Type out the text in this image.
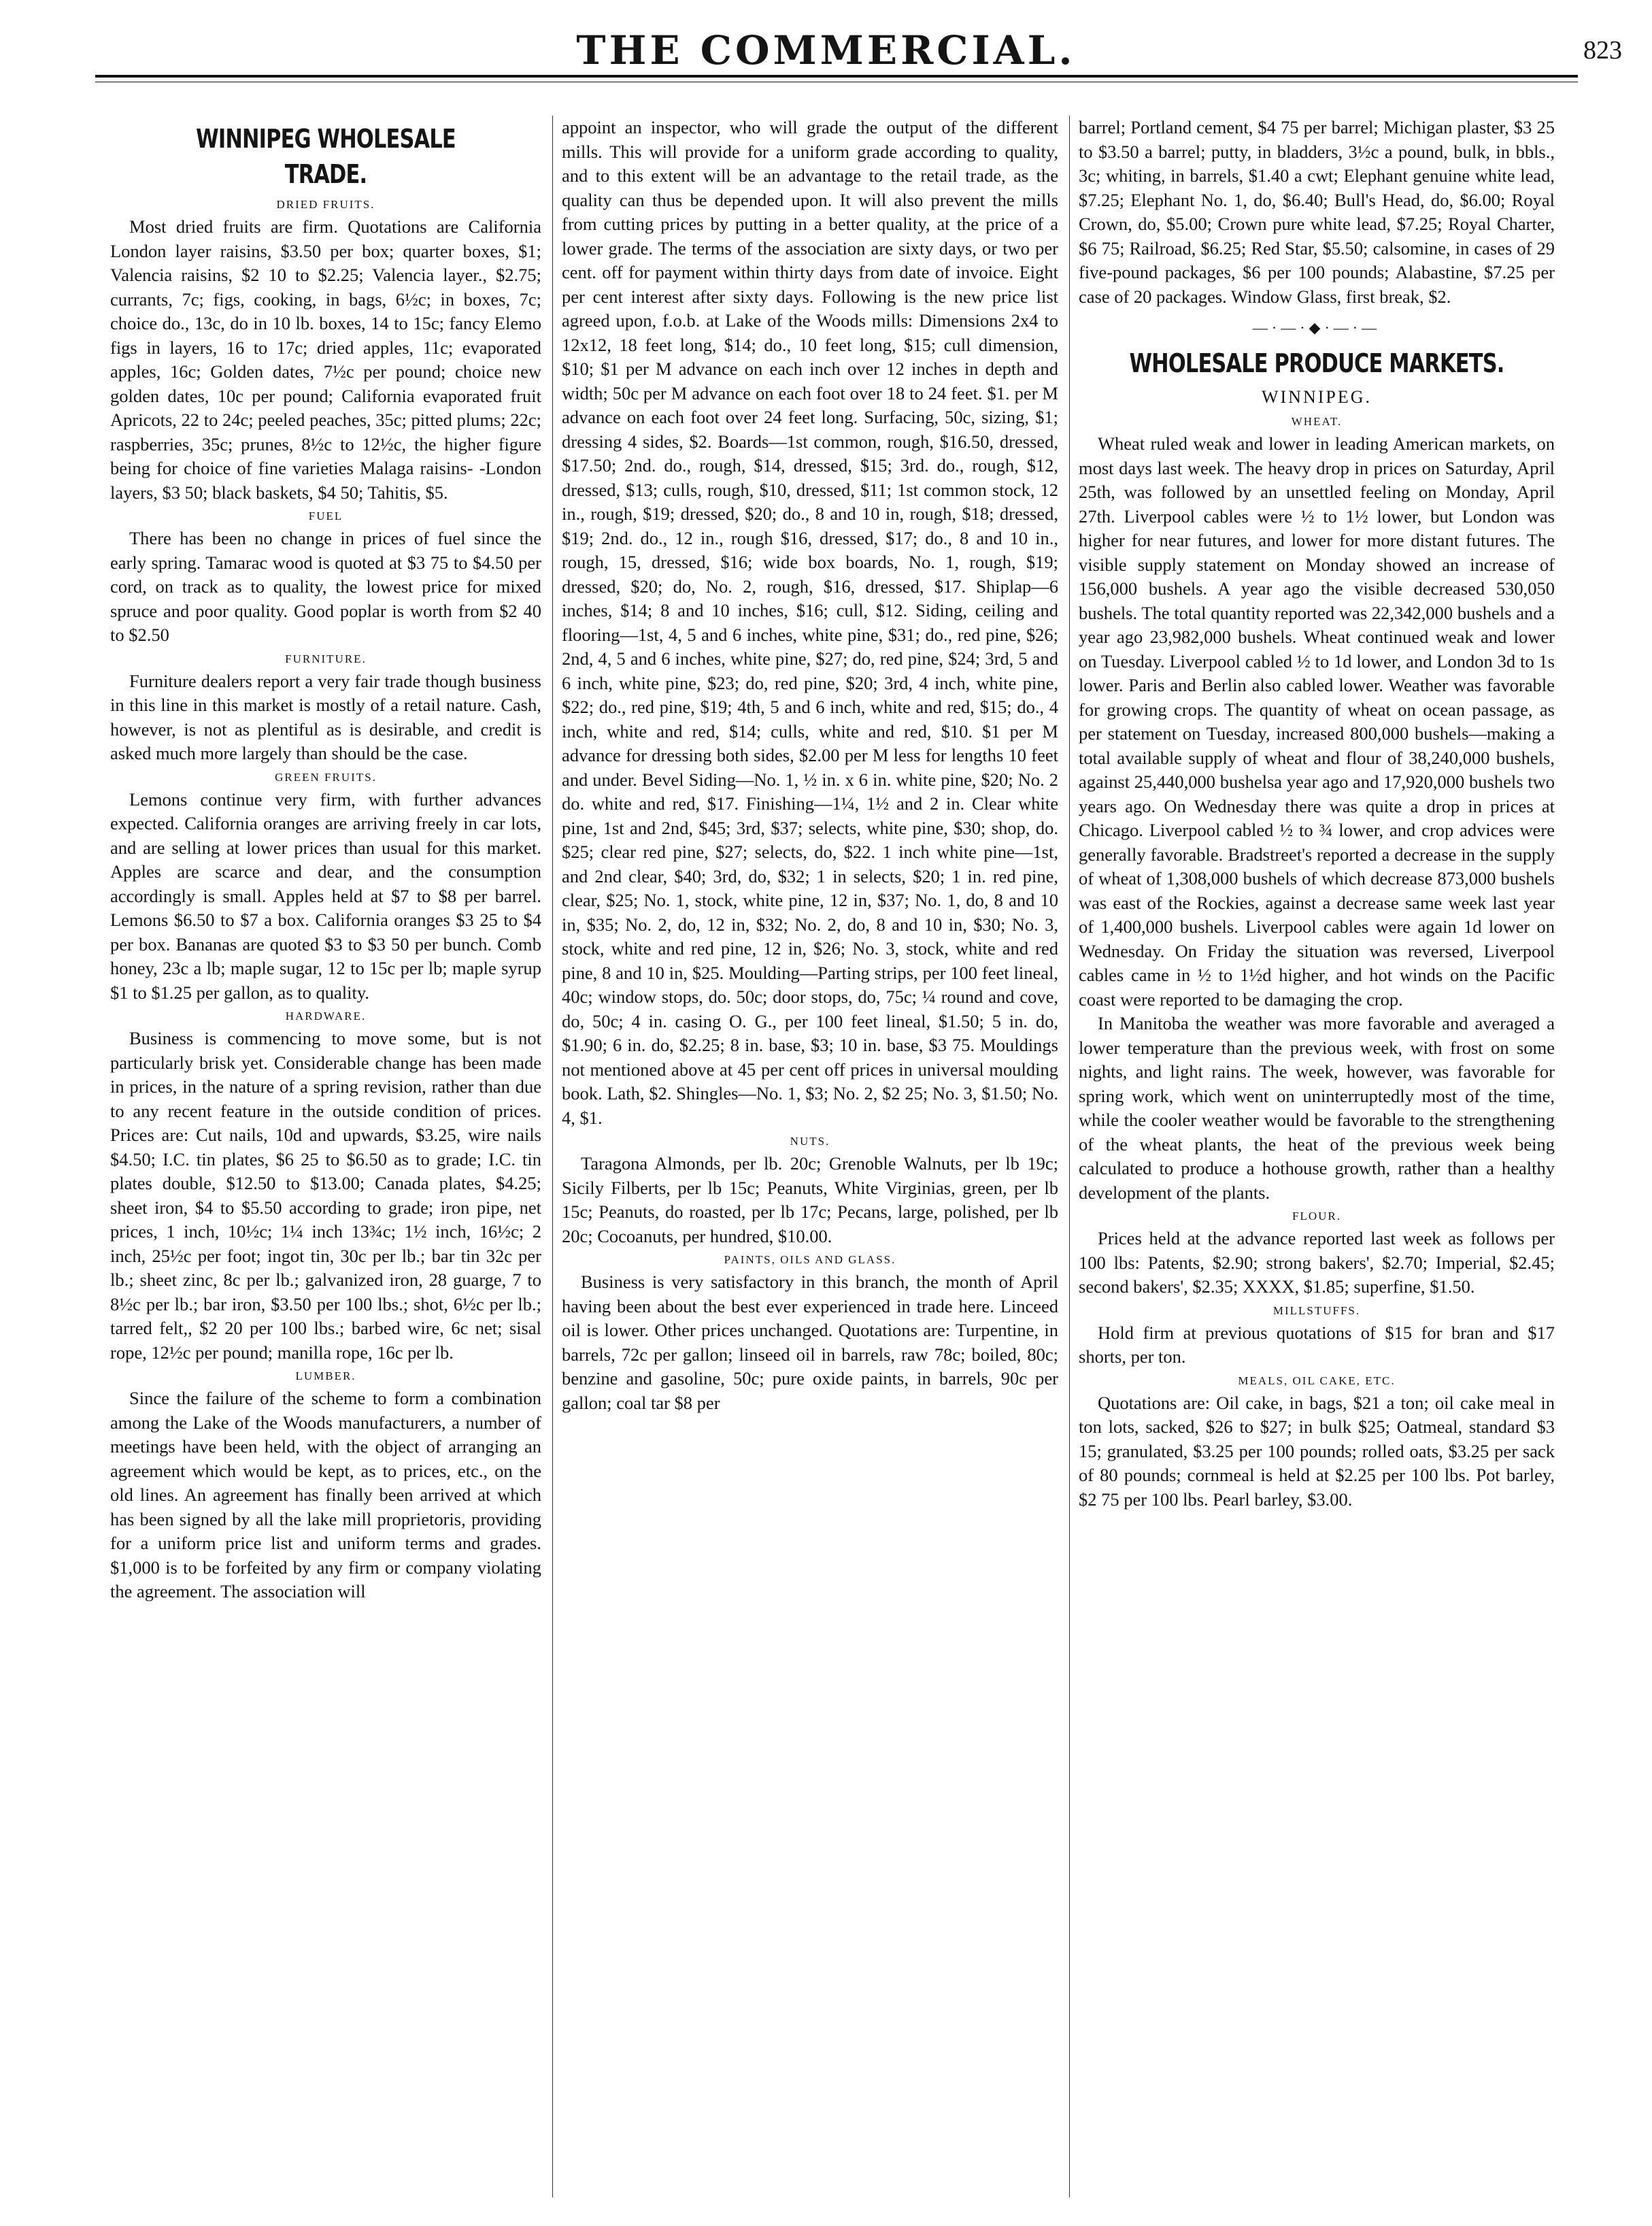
THE COMMERCIAL.	823
WINNIPEG WHOLESALE TRADE.
DRIED FRUITS.

Most dried fruits are firm. Quotations are California London layer raisins, $3.50 per box; quarter boxes, $1; Valencia raisins, $2 10 to $2.25; Valencia layer., $2.75; currants, 7c; figs, cooking, in bags, 6½c; in boxes, 7c; choice do., 13c, do in 10 lb. boxes, 14 to 15c; fancy Elemo figs in layers, 16 to 17c; dried apples, 11c; evaporated apples, 16c; Golden dates, 7½c per pound; choice new golden dates, 10c per pound; California evaporated fruit Apricots, 22 to 24c; peeled peaches, 35c; pitted plums; 22c; raspberries, 35c; prunes, 8½c to 12½c, the higher figure being for choice of fine varieties Malaga raisins- -London layers, $3 50; black baskets, $4 50; Tahitis, $5.

FUEL

There has been no change in prices of fuel since the early spring. Tamarac wood is quoted at $3 75 to $4.50 per cord, on track as to quality, the lowest price for mixed spruce and poor quality. Good poplar is worth from $2 40 to $2.50

FURNITURE.

Furniture dealers report a very fair trade though business in this line in this market is mostly of a retail nature. Cash, however, is not as plentiful as is desirable, and credit is asked much more largely than should be the case.

GREEN FRUITS.

Lemons continue very firm, with further advances expected. California oranges are arriving freely in car lots, and are selling at lower prices than usual for this market. Apples are scarce and dear, and the consumption accordingly is small. Apples held at $7 to $8 per barrel. Lemons $6.50 to $7 a box. California oranges $3 25 to $4 per box. Bananas are quoted $3 to $3 50 per bunch. Comb honey, 23c a lb; maple sugar, 12 to 15c per lb; maple syrup $1 to $1.25 per gallon, as to quality.

HARDWARE.

Business is commencing to move some, but is not particularly brisk yet. Considerable change has been made in prices, in the nature of a spring revision, rather than due to any recent feature in the outside condition of prices. Prices are: Cut nails, 10d and upwards, $3.25, wire nails $4.50; I.C. tin plates, $6 25 to $6.50 as to grade; I.C. tin plates double, $12.50 to $13.00; Canada plates, $4.25; sheet iron, $4 to $5.50 according to grade; iron pipe, net prices, 1 inch, 10½c; 1¼ inch 13¾c; 1½ inch, 16½c; 2 inch, 25½c per foot; ingot tin, 30c per lb.; bar tin 32c per lb.; sheet zinc, 8c per lb.; galvanized iron, 28 guarge, 7 to 8½c per lb.; bar iron, $3.50 per 100 lbs.; shot, 6½c per lb.; tarred felt,, $2 20 per 100 lbs.; barbed wire, 6c net; sisal rope, 12½c per pound; manilla rope, 16c per lb.

LUMBER.

Since the failure of the scheme to form a combination among the Lake of the Woods manufacturers, a number of meetings have been held, with the object of arranging an agreement which would be kept, as to prices, etc., on the old lines. An agreement has finally been arrived at which has been signed by all the lake mill proprietoris, providing for a uniform price list and uniform terms and grades. $1,000 is to be forfeited by any firm or company violating the agreement. The association will

appoint an inspector, who will grade the output of the different mills. This will provide for a uniform grade according to quality, and to this extent will be an advantage to the retail trade, as the quality can thus be depended upon. It will also prevent the mills from cutting prices by putting in a better quality, at the price of a lower grade. The terms of the association are sixty days, or two per cent. off for payment within thirty days from date of invoice. Eight per cent interest after sixty days. Following is the new price list agreed upon, f.o.b. at Lake of the Woods mills: Dimensions 2x4 to 12x12, 18 feet long, $14; do., 10 feet long, $15; cull dimension, $10; $1 per M advance on each inch over 12 inches in depth and width; 50c per M advance on each foot over 18 to 24 feet. $1. per M advance on each foot over 24 feet long. Surfacing, 50c, sizing, $1; dressing 4 sides, $2. Boards—1st common, rough, $16.50, dressed, $17.50; 2nd. do., rough, $14, dressed, $15; 3rd. do., rough, $12, dressed, $13; culls, rough, $10, dressed, $11; 1st common stock, 12 in., rough, $19; dressed, $20; do., 8 and 10 in, rough, $18; dressed, $19; 2nd. do., 12 in., rough $16, dressed, $17; do., 8 and 10 in., rough, 15, dressed, $16; wide box boards, No. 1, rough, $19; dressed, $20; do, No. 2, rough, $16, dressed, $17. Shiplap—6 inches, $14; 8 and 10 inches, $16; cull, $12. Siding, ceiling and flooring—1st, 4, 5 and 6 inches, white pine, $31; do., red pine, $26; 2nd, 4, 5 and 6 inches, white pine, $27; do, red pine, $24; 3rd, 5 and 6 inch, white pine, $23; do, red pine, $20; 3rd, 4 inch, white pine, $22; do., red pine, $19; 4th, 5 and 6 inch, white and red, $15; do., 4 inch, white and red, $14; culls, white and red, $10. $1 per M advance for dressing both sides, $2.00 per M less for lengths 10 feet and under. Bevel Siding—No. 1, ½ in. x 6 in. white pine, $20; No. 2 do. white and red, $17. Finishing—1¼, 1½ and 2 in. Clear white pine, 1st and 2nd, $45; 3rd, $37; selects, white pine, $30; shop, do. $25; clear red pine, $27; selects, do, $22. 1 inch white pine—1st, and 2nd clear, $40; 3rd, do, $32; 1 in selects, $20; 1 in. red pine, clear, $25; No. 1, stock, white pine, 12 in, $37; No. 1, do, 8 and 10 in, $35; No. 2, do, 12 in, $32; No. 2, do, 8 and 10 in, $30; No. 3, stock, white and red pine, 12 in, $26; No. 3, stock, white and red pine, 8 and 10 in, $25. Moulding—Parting strips, per 100 feet lineal, 40c; window stops, do. 50c; door stops, do, 75c; ¼ round and cove, do, 50c; 4 in. casing O. G., per 100 feet lineal, $1.50; 5 in. do, $1.90; 6 in. do, $2.25; 8 in. base, $3; 10 in. base, $3 75. Mouldings not mentioned above at 45 per cent off prices in universal moulding book. Lath, $2. Shingles—No. 1, $3; No. 2, $2 25; No. 3, $1.50; No. 4, $1.

NUTS.

Taragona Almonds, per lb. 20c; Grenoble Walnuts, per lb 19c; Sicily Filberts, per lb 15c; Peanuts, White Virginias, green, per lb 15c; Peanuts, do roasted, per lb 17c; Pecans, large, polished, per lb 20c; Cocoanuts, per hundred, $10.00.

PAINTS, OILS AND GLASS.

Business is very satisfactory in this branch, the month of April having been about the best ever experienced in trade here. Linceed oil is lower. Other prices unchanged. Quotations are: Turpentine, in barrels, 72c per gallon; linseed oil in barrels, raw 78c; boiled, 80c; benzine and gasoline, 50c; pure oxide paints, in barrels, 90c per gallon; coal tar $8 per

barrel; Portland cement, $4 75 per barrel; Michigan plaster, $3 25 to $3.50 a barrel; putty, in bladders, 3½c a pound, bulk, in bbls., 3c; whiting, in barrels, $1.40 a cwt; Elephant genuine white lead, $7.25; Elephant No. 1, do, $6.40; Bull's Head, do, $6.00; Royal Crown, do, $5.00; Crown pure white lead, $7.25; Royal Charter, $6 75; Railroad, $6.25; Red Star, $5.50; calsomine, in cases of 29 five-pound packages, $6 per 100 pounds; Alabastine, $7.25 per case of 20 packages. Window Glass, first break, $2.

—·—·◆·—·—
WHOLESALE PRODUCE MARKETS.
WINNIPEG.
WHEAT.

Wheat ruled weak and lower in leading American markets, on most days last week. The heavy drop in prices on Saturday, April 25th, was followed by an unsettled feeling on Monday, April 27th. Liverpool cables were ½ to 1½ lower, but London was higher for near futures, and lower for more distant futures. The visible supply statement on Monday showed an increase of 156,000 bushels. A year ago the visible decreased 530,050 bushels. The total quantity reported was 22,342,000 bushels and a year ago 23,982,000 bushels. Wheat continued weak and lower on Tuesday. Liverpool cabled ½ to 1d lower, and London 3d to 1s lower. Paris and Berlin also cabled lower. Weather was favorable for growing crops. The quantity of wheat on ocean passage, as per statement on Tuesday, increased 800,000 bushels—making a total available supply of wheat and flour of 38,240,000 bushels, against 25,440,000 bushelsa year ago and 17,920,000 bushels two years ago. On Wednesday there was quite a drop in prices at Chicago. Liverpool cabled ½ to ¾ lower, and crop advices were generally favorable. Bradstreet's reported a decrease in the supply of wheat of 1,308,000 bushels of which decrease 873,000 bushels was east of the Rockies, against a decrease same week last year of 1,400,000 bushels. Liverpool cables were again 1d lower on Wednesday. On Friday the situation was reversed, Liverpool cables came in ½ to 1½d higher, and hot winds on the Pacific coast were reported to be damaging the crop.

In Manitoba the weather was more favorable and averaged a lower temperature than the previous week, with frost on some nights, and light rains. The week, however, was favorable for spring work, which went on uninterruptedly most of the time, while the cooler weather would be favorable to the strengthening of the wheat plants, the heat of the previous week being calculated to produce a hothouse growth, rather than a healthy development of the plants.

FLOUR.

Prices held at the advance reported last week as follows per 100 lbs: Patents, $2.90; strong bakers', $2.70; Imperial, $2.45; second bakers', $2.35; XXXX, $1.85; superfine, $1.50.

MILLSTUFFS.

Hold firm at previous quotations of $15 for bran and $17 shorts, per ton.

MEALS, OIL CAKE, ETC.

Quotations are: Oil cake, in bags, $21 a ton; oil cake meal in ton lots, sacked, $26 to $27; in bulk $25; Oatmeal, standard $3 15; granulated, $3.25 per 100 pounds; rolled oats, $3.25 per sack of 80 pounds; cornmeal is held at $2.25 per 100 lbs. Pot barley, $2 75 per 100 lbs. Pearl barley, $3.00.
